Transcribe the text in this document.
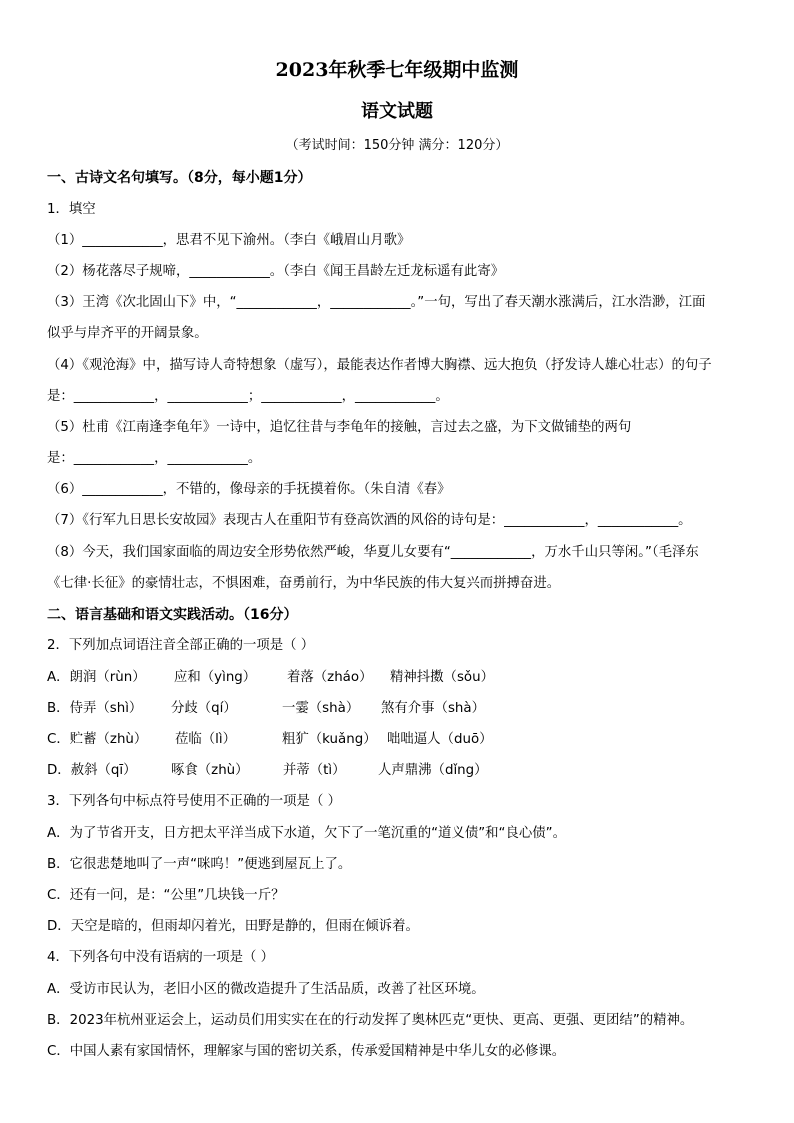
2023年秋季七年级期中监测
语文试题
（考试时间：150分钟 满分：120分）
一、古诗文名句填写。（8分，每小题1分）
1．填空
（1）____________，思君不见下渝州。（李白《峨眉山月歌》
（2）杨花落尽子规啼，____________。（李白《闻王昌龄左迁龙标遥有此寄》
（3）王湾《次北固山下》中，“____________，____________。”一句，写出了春天潮水涨满后，江水浩渺，江面
似乎与岸齐平的开阔景象。
（4）《观沧海》中，描写诗人奇特想象（虚写），最能表达作者博大胸襟、远大抱负（抒发诗人雄心壮志）的句子
是：____________，____________；____________，____________。
（5）杜甫《江南逢李龟年》一诗中，追忆往昔与李龟年的接触，言过去之盛，为下文做铺垫的两句
是：____________，____________。
（6）____________，不错的，像母亲的手抚摸着你。（朱自清《春》
（7）《行军九日思长安故园》表现古人在重阳节有登高饮酒的风俗的诗句是：____________，____________。
（8）今天，我们国家面临的周边安全形势依然严峻，华夏儿女要有“____________，万水千山只等闲。”（毛泽东
《七律·长征》的豪情壮志，不惧困难，奋勇前行，为中华民族的伟大复兴而拼搏奋进。
二、语言基础和语文实践活动。（16分）
2．下列加点词语注音全部正确的一项是（ ）
A．朗润（rùn） 应和（yìng） 着落（zháo） 精神抖擞（sǒu）
B．侍弄（shì） 分歧（qí）	一霎（shà） 煞有介事（shà）
C．贮蓄（zhù） 莅临（lì）	粗犷（kuǎng） 咄咄逼人（duō）
D．赦斜（qī）	啄食（zhù）	并蒂（tì） 人声鼎沸（dǐng）
3．下列各句中标点符号使用不正确的一项是（ ）
A．为了节省开支，日方把太平洋当成下水道，欠下了一笔沉重的“道义债”和“良心债”。
B．它很悲楚地叫了一声“咪呜！”便逃到屋瓦上了。
C．还有一问，是：“公里”几块钱一斤？
D．天空是暗的，但雨却闪着光，田野是静的，但雨在倾诉着。
4．下列各句中没有语病的一项是（ ）
A．受访市民认为，老旧小区的微改造提升了生活品质，改善了社区环境。
B．2023年杭州亚运会上，运动员们用实实在在的行动发挥了奥林匹克“更快、更高、更强、更团结”的精神。
C．中国人素有家国情怀，理解家与国的密切关系，传承爱国精神是中华儿女的必修课。
